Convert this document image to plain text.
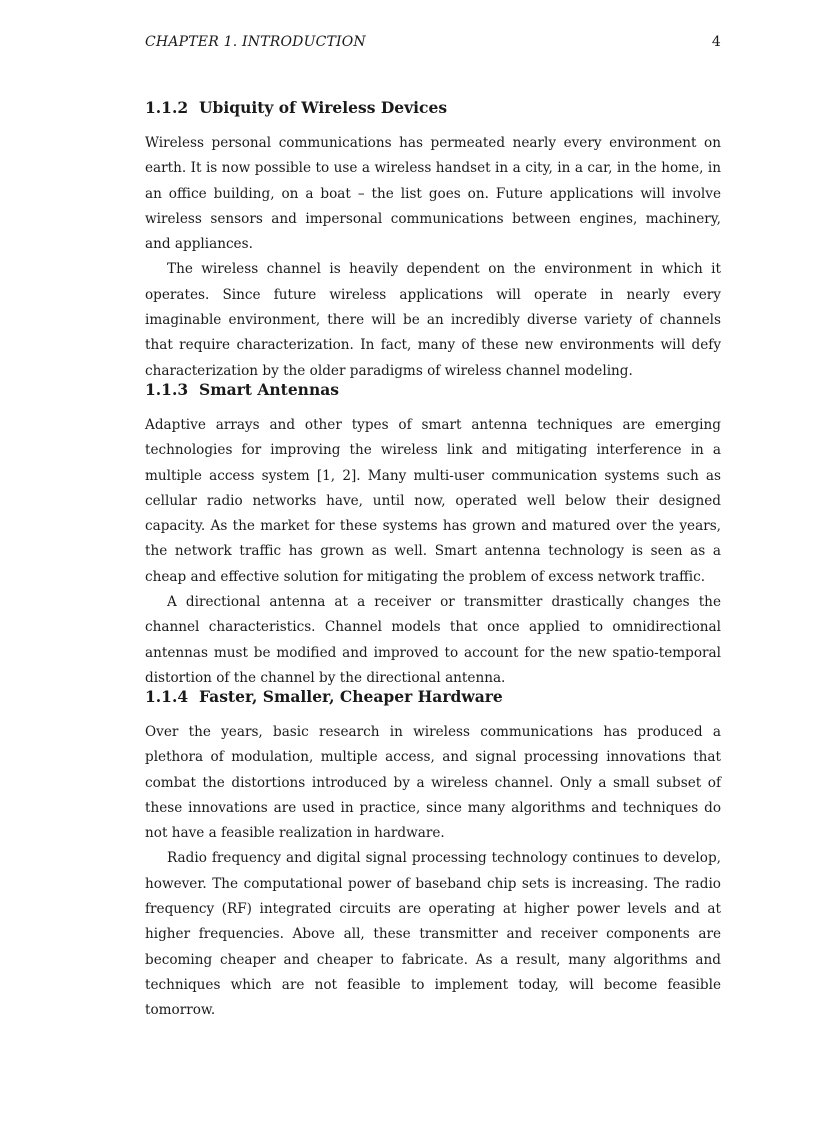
CHAPTER 1. INTRODUCTION	4
1.1.2 Ubiquity of Wireless Devices

Wireless personal communications has permeated nearly every environment on earth. It is now possible to use a wireless handset in a city, in a car, in the home, in an office building, on a boat – the list goes on. Future applications will involve wireless sensors and impersonal communications between engines, machinery, and appliances.

The wireless channel is heavily dependent on the environment in which it operates. Since future wireless applications will operate in nearly every imaginable environment, there will be an incredibly diverse variety of channels that require characterization. In fact, many of these new environments will defy characterization by the older paradigms of wireless channel modeling.

1.1.3 Smart Antennas

Adaptive arrays and other types of smart antenna techniques are emerging technologies for improving the wireless link and mitigating interference in a multiple access system [1, 2]. Many multi-user communication systems such as cellular radio networks have, until now, operated well below their designed capacity. As the market for these systems has grown and matured over the years, the network traffic has grown as well. Smart antenna technology is seen as a cheap and effective solution for mitigating the problem of excess network traffic.

A directional antenna at a receiver or transmitter drastically changes the channel characteristics. Channel models that once applied to omnidirectional antennas must be modified and improved to account for the new spatio-temporal distortion of the channel by the directional antenna.

1.1.4 Faster, Smaller, Cheaper Hardware

Over the years, basic research in wireless communications has produced a plethora of modulation, multiple access, and signal processing innovations that combat the distortions introduced by a wireless channel. Only a small subset of these innovations are used in practice, since many algorithms and techniques do not have a feasible realization in hardware.

Radio frequency and digital signal processing technology continues to develop, however. The computational power of baseband chip sets is increasing. The radio frequency (RF) integrated circuits are operating at higher power levels and at higher frequencies. Above all, these transmitter and receiver components are becoming cheaper and cheaper to fabricate. As a result, many algorithms and techniques which are not feasible to implement today, will become feasible tomorrow.
